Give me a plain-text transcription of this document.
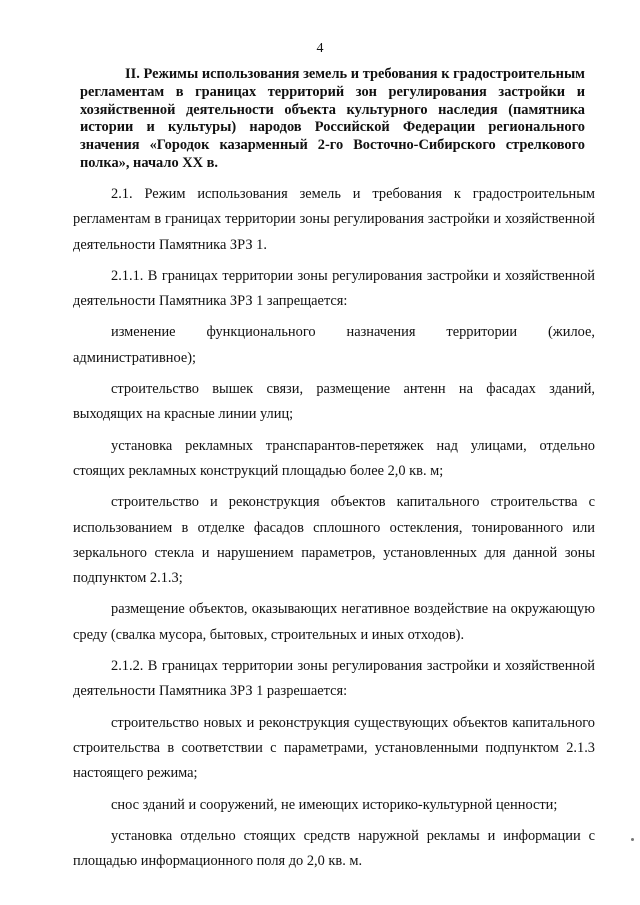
4

II. Режимы использования земель и требования к градостроительным регламентам в границах территорий зон регулирования застройки и хозяйственной деятельности объекта культурного наследия (памятника истории и культуры) народов Российской Федерации регионального значения «Городок казарменный 2-го Восточно-Сибирского стрелкового полка», начало XX в.

2.1. Режим использования земель и требования к градостроительным регламентам в границах территории зоны регулирования застройки и хозяйственной деятельности Памятника ЗРЗ 1.

2.1.1. В границах территории зоны регулирования застройки и хозяйственной деятельности Памятника ЗРЗ 1 запрещается:

изменение функционального назначения территории (жилое, административное);

строительство вышек связи, размещение антенн на фасадах зданий, выходящих на красные линии улиц;

установка рекламных транспарантов-перетяжек над улицами, отдельно стоящих рекламных конструкций площадью более 2,0 кв. м;

строительство и реконструкция объектов капитального строительства с использованием в отделке фасадов сплошного остекления, тонированного или зеркального стекла и нарушением параметров, установленных для данной зоны подпунктом 2.1.3;

размещение объектов, оказывающих негативное воздействие на окружающую среду (свалка мусора, бытовых, строительных и иных отходов).

2.1.2. В границах территории зоны регулирования застройки и хозяйственной деятельности Памятника ЗРЗ 1 разрешается:

строительство новых и реконструкция существующих объектов капитального строительства в соответствии с параметрами, установленными подпунктом 2.1.3 настоящего режима;

снос зданий и сооружений, не имеющих историко-культурной ценности;

установка отдельно стоящих средств наружной рекламы и информации с площадью информационного поля до 2,0 кв. м.
